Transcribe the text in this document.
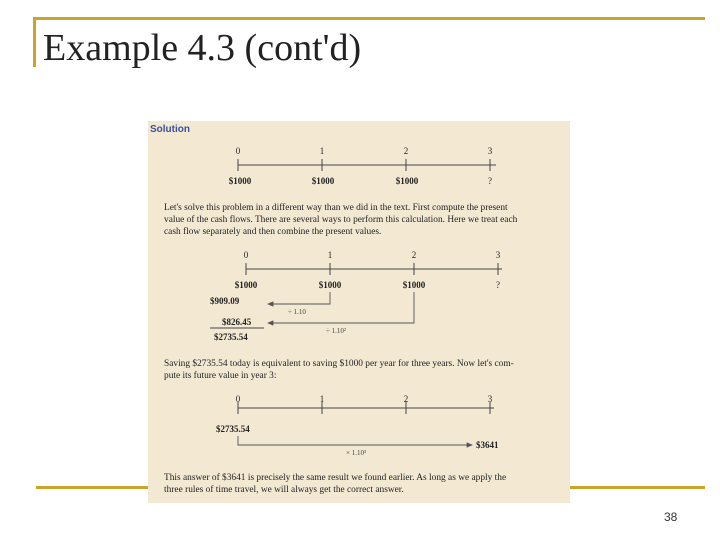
Example 4.3 (cont'd)
Solution
0	1	2	3
$1000	$1000	$1000	?
Let's solve this problem in a different way than we did in the text. First compute the present
value of the cash flows. There are several ways to perform this calculation. Here we treat each
cash flow separately and then combine the present values.
0	1	2	3
$1000	$1000	$1000	?
÷ 1.10
÷ 1.10²
$909.09
$826.45
$2735.54
Saving $2735.54 today is equivalent to saving $1000 per year for three years. Now let's com-
pute its future value in year 3:
0	1	2	3
$2735.54
× 1.10³
$3641
This answer of $3641 is precisely the same result we found earlier. As long as we apply the
three rules of time travel, we will always get the correct answer.
38
